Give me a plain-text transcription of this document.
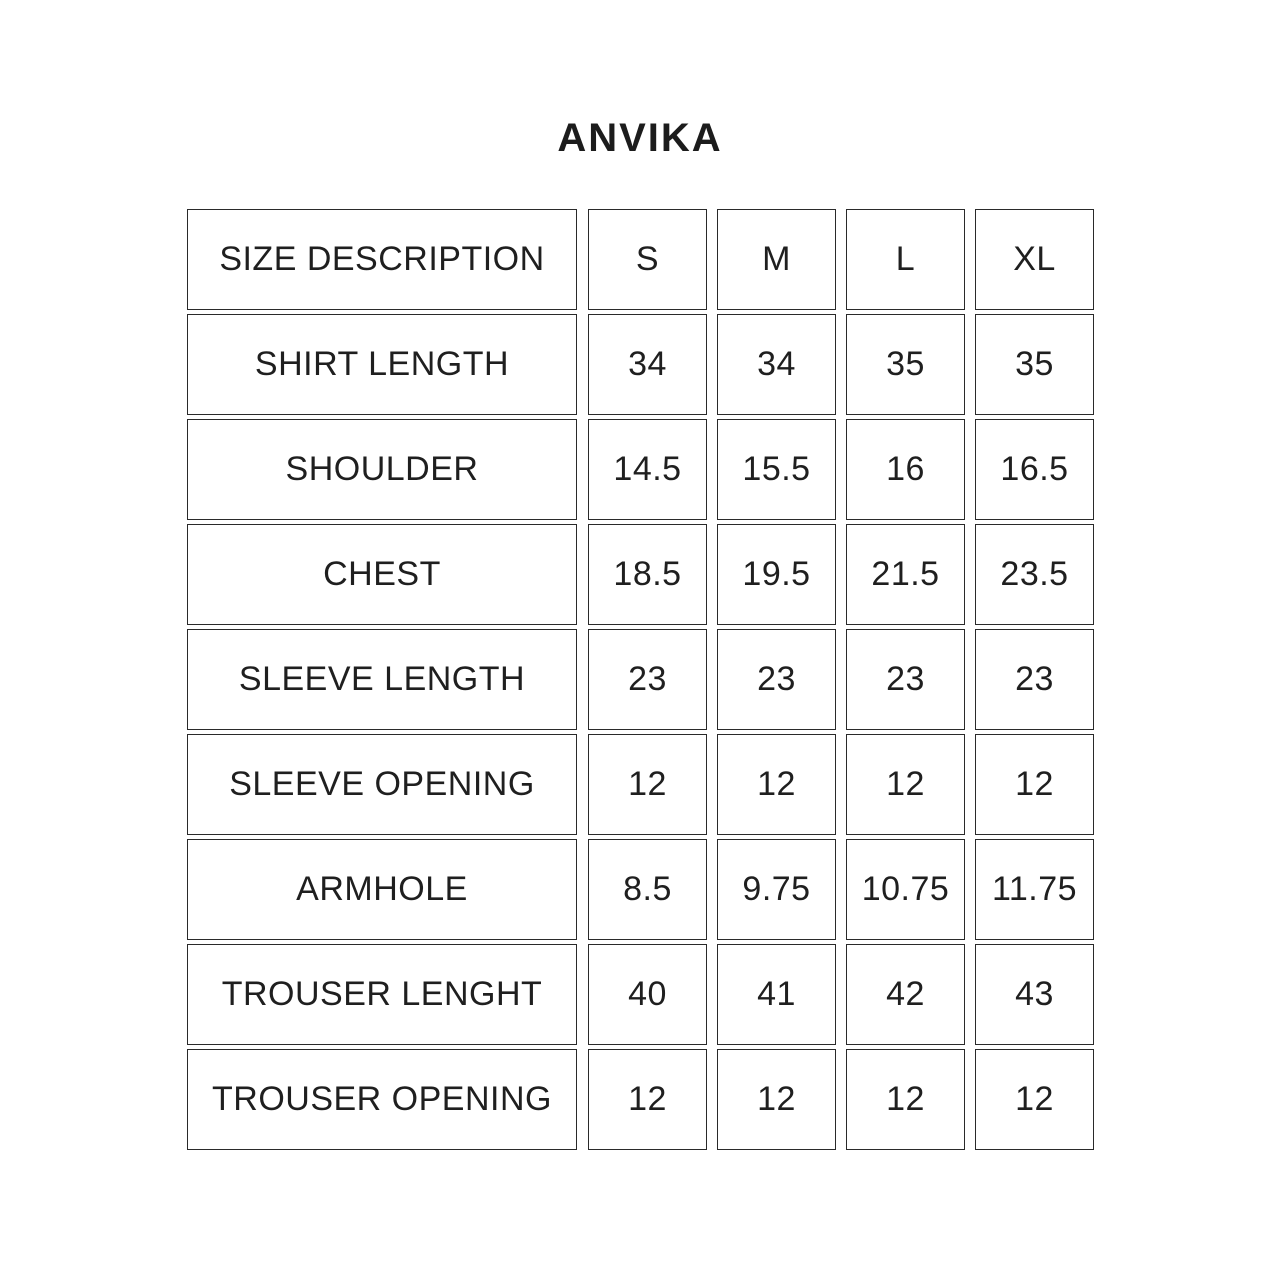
ANVIKA
SIZE DESCRIPTION	S	M	L	XL
SHIRT LENGTH	34	34	35	35
SHOULDER	14.5	15.5	16	16.5
CHEST	18.5	19.5	21.5	23.5
SLEEVE LENGTH	23	23	23	23
SLEEVE OPENING	12	12	12	12
ARMHOLE	8.5	9.75	10.75	11.75
TROUSER LENGHT	40	41	42	43
TROUSER OPENING	12	12	12	12
